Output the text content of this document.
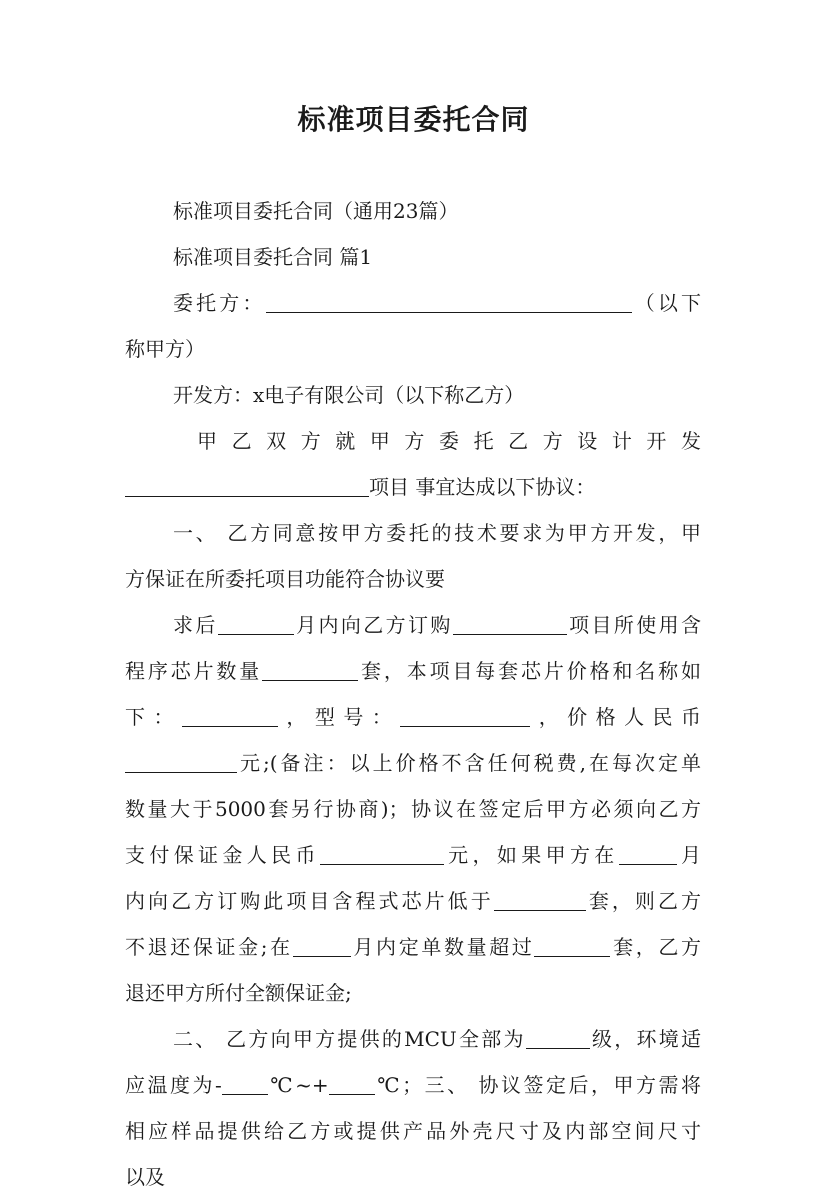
标准项目委托合同
标准项目委托合同（通用23篇）
标准项目委托合同 篇1
委托方：	（以下
称甲方）
开发方：x电子有限公司（以下称乙方）
甲乙双方就甲方委托乙方设计开发
项目 事宜达成以下协议：
一、 乙方同意按甲方委托的技术要求为甲方开发，甲
方保证在所委托项目功能符合协议要
求后	月内向乙方订购	项目所使用含
程序芯片数量	套，本项目每套芯片价格和名称如
下：	，型号：	，价格人民币
元;(备注：以上价格不含任何税费,在每次定单
数量大于5000套另行协商)；协议在签定后甲方必须向乙方
支付保证金人民币	元，如果甲方在	月
内向乙方订购此项目含程式芯片低于	套，则乙方
不退还保证金;在	月内定单数量超过	套，乙方
退还甲方所付全额保证金;
二、 乙方向甲方提供的MCU全部为	级，环境适
应温度为- ℃~+ ℃；三、 协议签定后，甲方需将
相应样品提供给乙方或提供产品外壳尺寸及内部空间尺寸
以及
